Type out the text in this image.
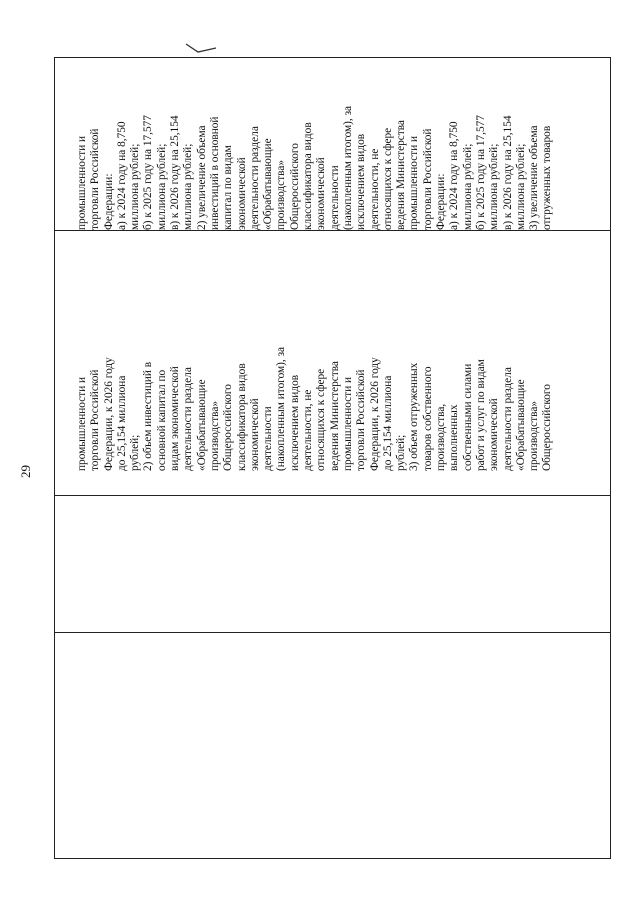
29
промышленности и торговли Российской Федерации, к 2026 году до 25,154 миллиона рублей; 2) объем инвестиций в основной капитал по видам экономической деятельности раздела «Обрабатывающие производства» Общероссийского классификатора видов экономической деятельности (накопленным итогом), за исключением видов деятельности, не относящихся к сфере ведения Министерства промышленности и торговли Российской Федерации, к 2026 году до 25,154 миллиона рублей; 3) объем отгруженных товаров собственного производства, выполненных собственными силами работ и услуг по видам экономической деятельности раздела «Обрабатывающие производства» Общероссийского
промышленности и торговли Российской Федерации: а) к 2024 году на 8,750 миллиона рублей; б) к 2025 году на 17,577 миллиона рублей; в) к 2026 году на 25,154 миллиона рублей; 2) увеличение объема инвестиций в основной капитал по видам экономической деятельности раздела «Обрабатывающие производства» Общероссийского классификатора видов экономической деятельности (накопленным итогом), за исключением видов деятельности, не относящихся к сфере ведения Министерства промышленности и торговли Российской Федерации: а) к 2024 году на 8,750 миллиона рублей; б) к 2025 году на 17,577 миллиона рублей; в) к 2026 году на 25,154 миллиона рублей; 3) увеличение объема отгруженных товаров
